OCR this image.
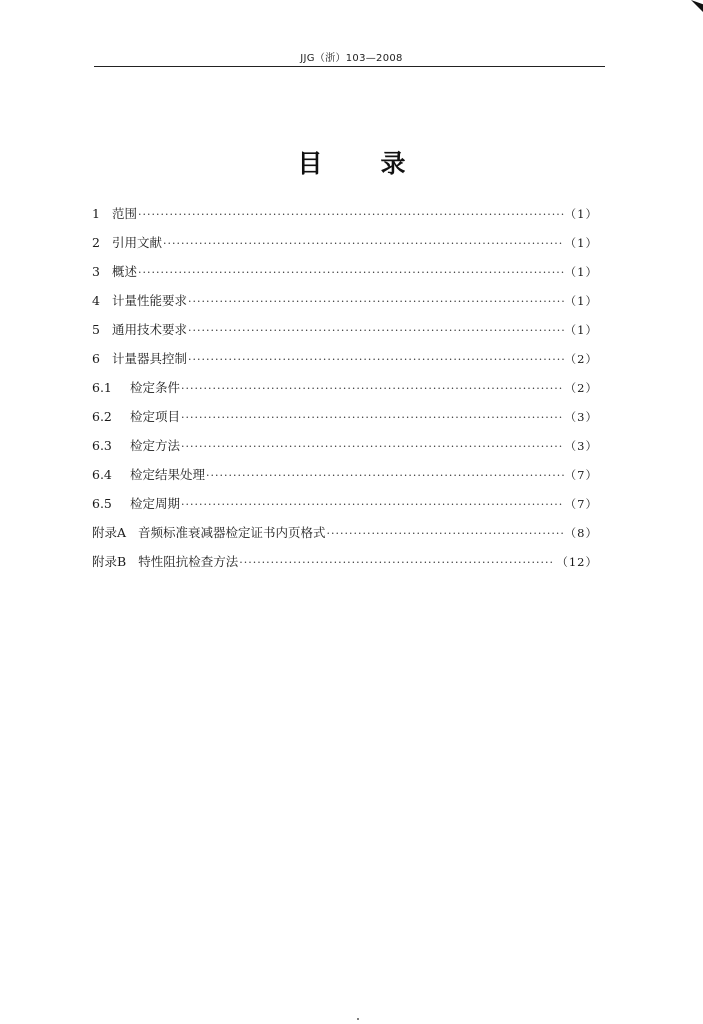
JJG（浙）103—2008
目录
1 范围 ·····	（1）
2 引用文献 ·····	（1）
3 概述 ·····	（1）
4 计量性能要求 ·····	（1）
5 通用技术要求 ·····	（1）
6 计量器具控制 ·····	（2）
6.1	检定条件 ·····	（2）
6.2	检定项目 ·····	（3）
6.3	检定方法 ·····	（3）
6.4	检定结果处理 ·····	（7）
6.5	检定周期 ·····	（7）
附录A 音频标准衰减器检定证书内页格式 ·····	（8）
附录B 特性阻抗检查方法 ·····	（12）
